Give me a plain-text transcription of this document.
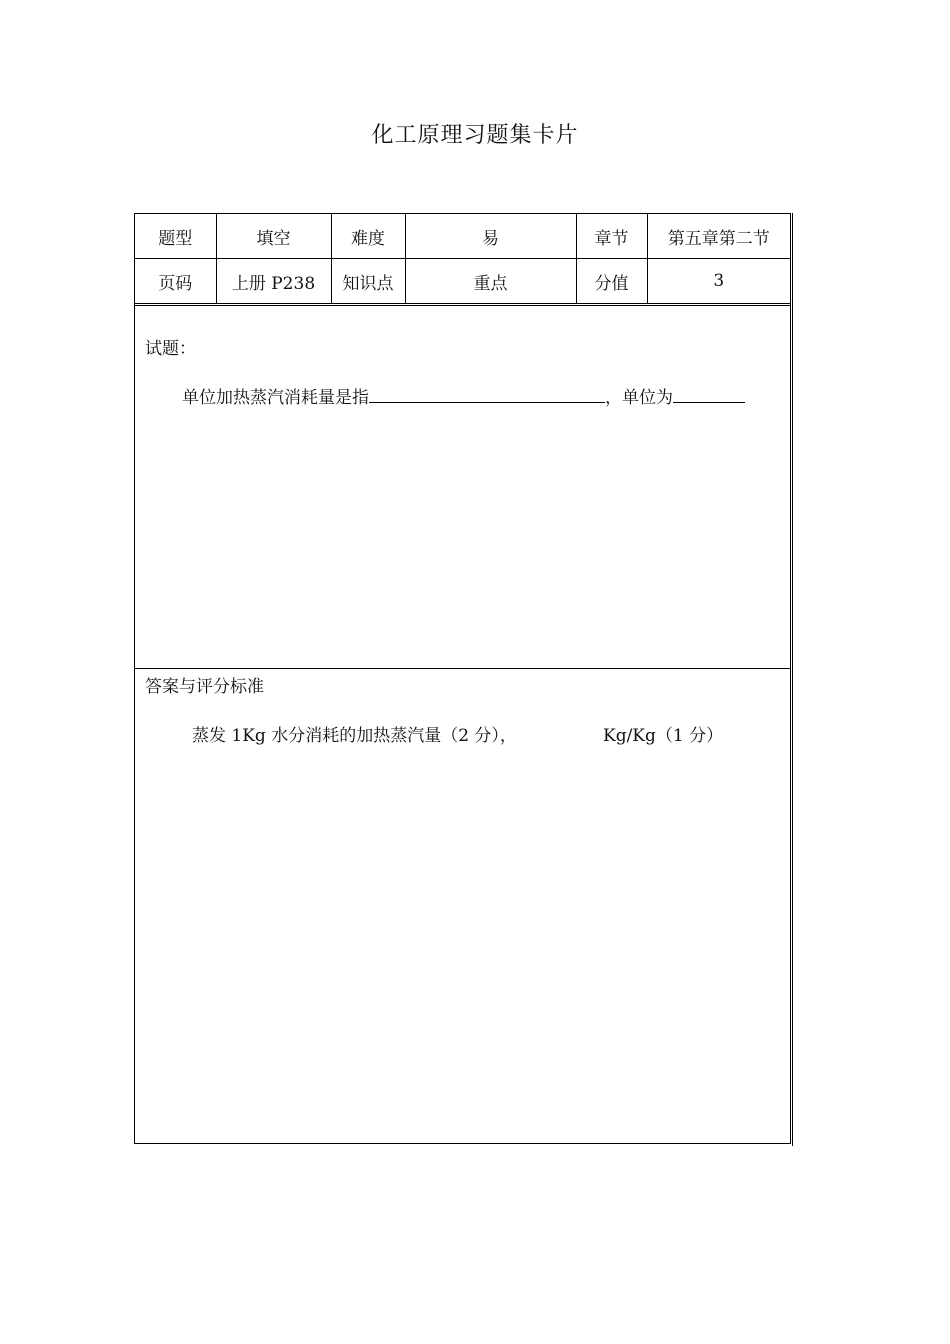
化工原理习题集卡片
题型	填空	难度	易	章节	第五章第二节
页码	上册 P238	知识点	重点	分值	3
试题：
单位加热蒸汽消耗量是指	，单位为
答案与评分标准
蒸发 1Kg 水分消耗的加热蒸汽量（2 分），	Kg/Kg（1 分）
